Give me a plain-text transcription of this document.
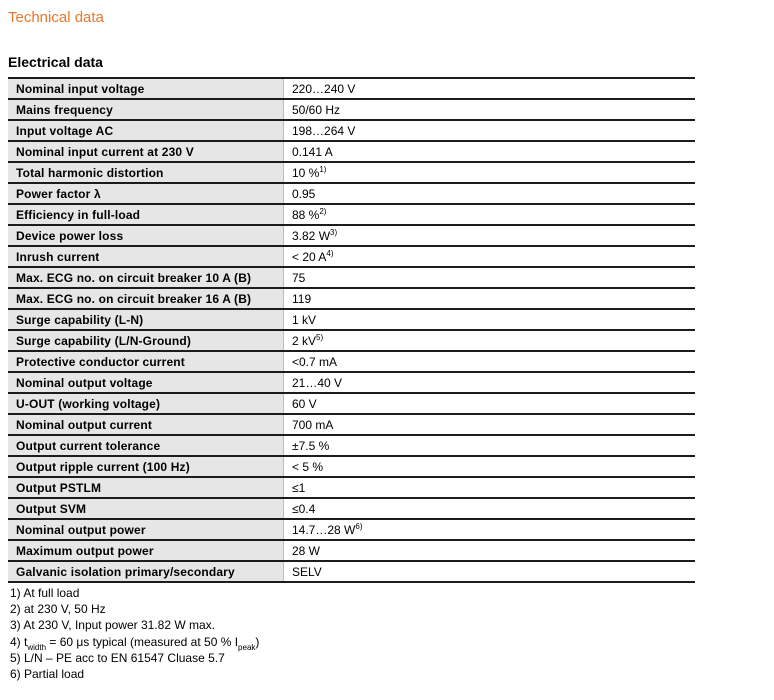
Technical data
Electrical data
Nominal input voltage	220…240 V
Mains frequency	50/60 Hz
Input voltage AC	198…264 V
Nominal input current at 230 V	0.141 A
Total harmonic distortion	10 %$^{1)}$
Power factor λ	0.95
Efficiency in full-load	88 %$^{2)}$
Device power loss	3.82 $W^{3)}$
Inrush current	< 20 $A^{4)}$
Max. ECG no. on circuit breaker 10 A (B)	75
Max. ECG no. on circuit breaker 16 A (B)	119
Surge capability (L-N)	1 kV
Surge capability (L/N-Ground)	2 $kV^{5)}$
Protective conductor current	<0.7 mA
Nominal output voltage	21…40 V
U-OUT (working voltage)	60 V
Nominal output current	700 mA
Output current tolerance	±7.5 %
Output ripple current (100 Hz)	< 5 %
Output PSTLM	≤1
Output SVM	≤0.4
Nominal output power	14.7…28 $W^{6)}$
Maximum output power	28 W
Galvanic isolation primary/secondary	SELV
1) At full load
2) at 230 V, 50 Hz
3) At 230 V, Input power 31.82 W max.
4) $t_{width} = 60$ μs typical (measured at 50 % $I_{peak}$)
5) L/N – PE acc to EN 61547 Cluase 5.7
6) Partial load
